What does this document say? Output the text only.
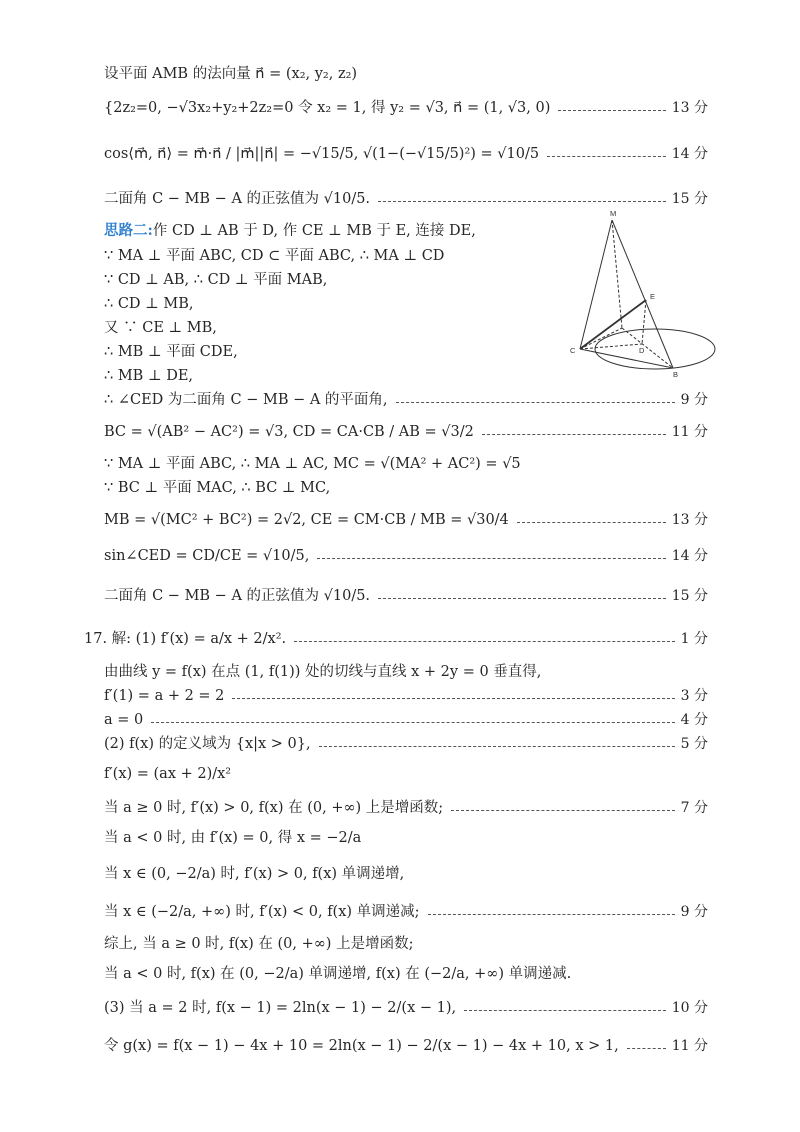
设平面 AMB 的法向量 n⃗ = (x₂, y₂, z₂)
{2z₂=0, −√3x₂+y₂+2z₂=0 令 x₂ = 1, 得 y₂ = √3, n⃗ = (1, √3, 0)	13 分
cos⟨m⃗, n⃗⟩ = m⃗·n⃗ / |m⃗||n⃗| = −√15/5, √(1−(−√15/5)²) = √10/5	14 分
二面角 C − MB − A 的正弦值为 √10/5.	15 分
思路二: 作 CD ⊥ AB 于 D, 作 CE ⊥ MB 于 E, 连接 DE,
∵ MA ⊥ 平面 ABC, CD ⊂ 平面 ABC, ∴ MA ⊥ CD
∵ CD ⊥ AB, ∴ CD ⊥ 平面 MAB,
∴ CD ⊥ MB,
又 ∵ CE ⊥ MB,
∴ MB ⊥ 平面 CDE,
∴ MB ⊥ DE,
∴ ∠CED 为二面角 C − MB − A 的平面角,	9 分
BC = √(AB² − AC²) = √3, CD = CA·CB / AB = √3/2	11 分
∵ MA ⊥ 平面 ABC, ∴ MA ⊥ AC, MC = √(MA² + AC²) = √5
∵ BC ⊥ 平面 MAC, ∴ BC ⊥ MC,
MB = √(MC² + BC²) = 2√2, CE = CM·CB / MB = √30/4	13 分
sin∠CED = CD/CE = √10/5,	14 分
二面角 C − MB − A 的正弦值为 √10/5.	15 分
17. 解: (1) f′(x) = a/x + 2/x².	1 分
由曲线 y = f(x) 在点 (1, f(1)) 处的切线与直线 x + 2y = 0 垂直得,
f′(1) = a + 2 = 2	3 分
a = 0	4 分
(2) f(x) 的定义域为 {x|x > 0},	5 分
f′(x) = (ax + 2)/x²
当 a ≥ 0 时, f′(x) > 0, f(x) 在 (0, +∞) 上是增函数;	7 分
当 a < 0 时, 由 f′(x) = 0, 得 x = −2/a
当 x ∈ (0, −2/a) 时, f′(x) > 0, f(x) 单调递增,
当 x ∈ (−2/a, +∞) 时, f′(x) < 0, f(x) 单调递减;	9 分
综上, 当 a ≥ 0 时, f(x) 在 (0, +∞) 上是增函数;
当 a < 0 时, f(x) 在 (0, −2/a) 单调递增, f(x) 在 (−2/a, +∞) 单调递减.
(3) 当 a = 2 时, f(x − 1) = 2ln(x − 1) − 2/(x − 1),	10 分
令 g(x) = f(x − 1) − 4x + 10 = 2ln(x − 1) − 2/(x − 1) − 4x + 10, x > 1,	11 分
M
E
C	D
B
